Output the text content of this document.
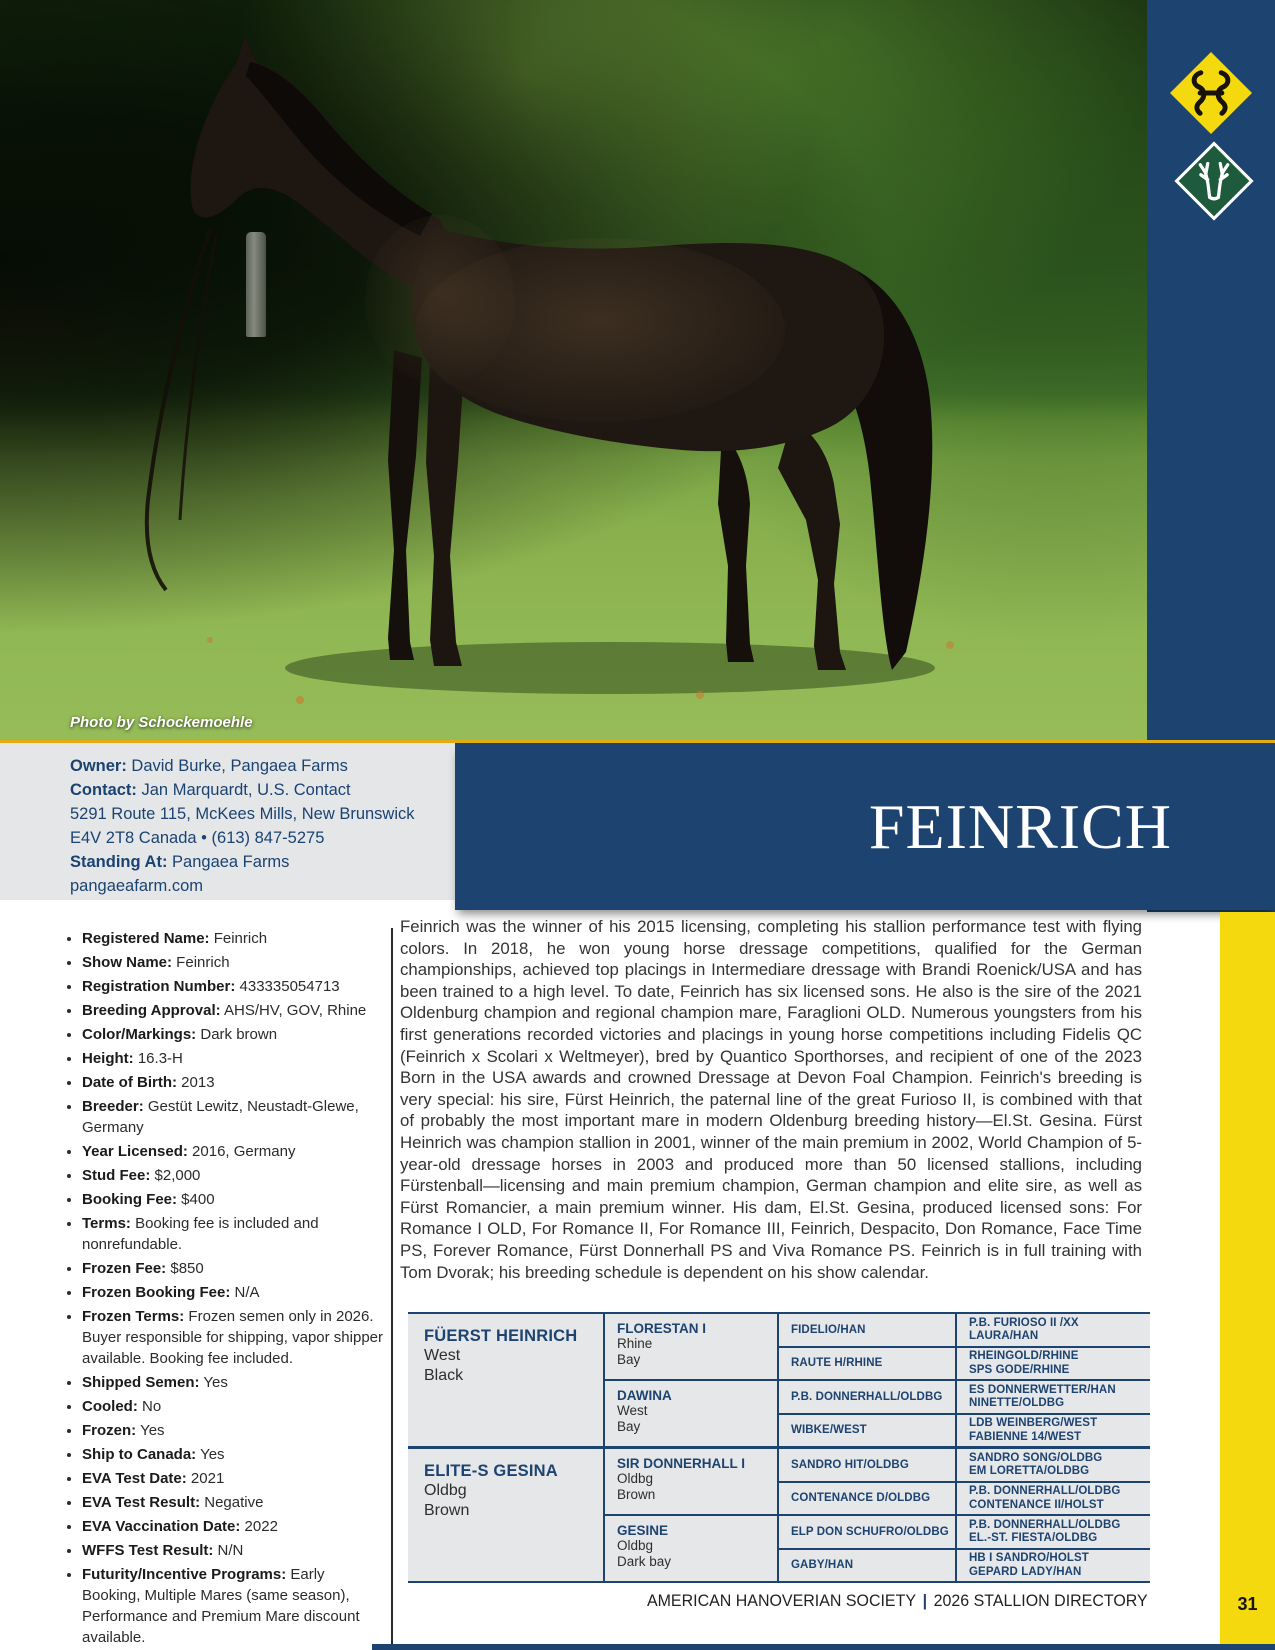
Photo by Schockemoehle
Owner: David Burke, Pangaea Farms
Contact: Jan Marquardt, U.S. Contact
5291 Route 115, McKees Mills, New Brunswick
E4V 2T8 Canada • (613) 847-5275
Standing At: Pangaea Farms
pangaeafarm.com
FEINRICH
• Registered Name: Feinrich
• Show Name: Feinrich
• Registration Number: 433335054713
• Breeding Approval: AHS/HV, GOV, Rhine
• Color/Markings: Dark brown
• Height: 16.3-H
• Date of Birth: 2013
• Breeder: Gestüt Lewitz, Neustadt-Glewe, Germany
• Year Licensed: 2016, Germany
• Stud Fee: $2,000
• Booking Fee: $400
• Terms: Booking fee is included and nonrefundable.
• Frozen Fee: $850
• Frozen Booking Fee: N/A
• Frozen Terms: Frozen semen only in 2026. Buyer responsible for shipping, vapor shipper available. Booking fee included.
• Shipped Semen: Yes
• Cooled: No
• Frozen: Yes
• Ship to Canada: Yes
• EVA Test Date: 2021
• EVA Test Result: Negative
• EVA Vaccination Date: 2022
• WFFS Test Result: N/N
• Futurity/Incentive Programs: Early Booking, Multiple Mares (same season), Performance and Premium Mare discount available.

Feinrich was the winner of his 2015 licensing, completing his stallion performance test with flying colors. In 2018, he won young horse dressage competitions, qualified for the German championships, achieved top placings in Intermediare dressage with Brandi Roenick/USA and has been trained to a high level. To date, Feinrich has six licensed sons. He also is the sire of the 2021 Oldenburg champion and regional champion mare, Faraglioni OLD. Numerous youngsters from his first generations recorded victories and placings in young horse competitions including Fidelis QC (Feinrich x Scolari x Weltmeyer), bred by Quantico Sporthorses, and recipient of one of the 2023 Born in the USA awards and crowned Dressage at Devon Foal Champion. Feinrich's breeding is very special: his sire, Fürst Heinrich, the paternal line of the great Furioso II, is combined with that of probably the most important mare in modern Oldenburg breeding history—El.St. Gesina. Fürst Heinrich was champion stallion in 2001, winner of the main premium in 2002, World Champion of 5-year-old dressage horses in 2003 and produced more than 50 licensed stallions, including Fürstenball—licensing and main premium champion, German champion and elite sire, as well as Fürst Romancier, a main premium winner. His dam, El.St. Gesina, produced licensed sons: For Romance I OLD, For Romance II, For Romance III, Feinrich, Despacito, Don Romance, Face Time PS, Forever Romance, Fürst Donnerhall PS and Viva Romance PS. Feinrich is in full training with Tom Dvorak; his breeding schedule is dependent on his show calendar.

FÜERST HEINRICH
West
Black
FLORESTAN I
Rhine
Bay
DAWINA
West
Bay
FIDELIO/HAN
P.B. FURIOSO II /XX
LAURA/HAN
RAUTE H/RHINE
RHEINGOLD/RHINE
SPS GODE/RHINE
P.B. DONNERHALL/OLDBG
ES DONNERWETTER/HAN
NINETTE/OLDBG
WIBKE/WEST
LDB WEINBERG/WEST
FABIENNE 14/WEST
ELITE-S GESINA
Oldbg
Brown
SIR DONNERHALL I
Oldbg
Brown
GESINE
Oldbg
Dark bay
SANDRO HIT/OLDBG
SANDRO SONG/OLDBG
EM LORETTA/OLDBG
CONTENANCE D/OLDBG
P.B. DONNERHALL/OLDBG
CONTENANCE II/HOLST
ELP DON SCHUFRO/OLDBG
P.B. DONNERHALL/OLDBG
EL.-ST. FIESTA/OLDBG
GABY/HAN
HB I SANDRO/HOLST
GEPARD LADY/HAN
31
AMERICAN HANOVERIAN SOCIETY | 2026 STALLION DIRECTORY
